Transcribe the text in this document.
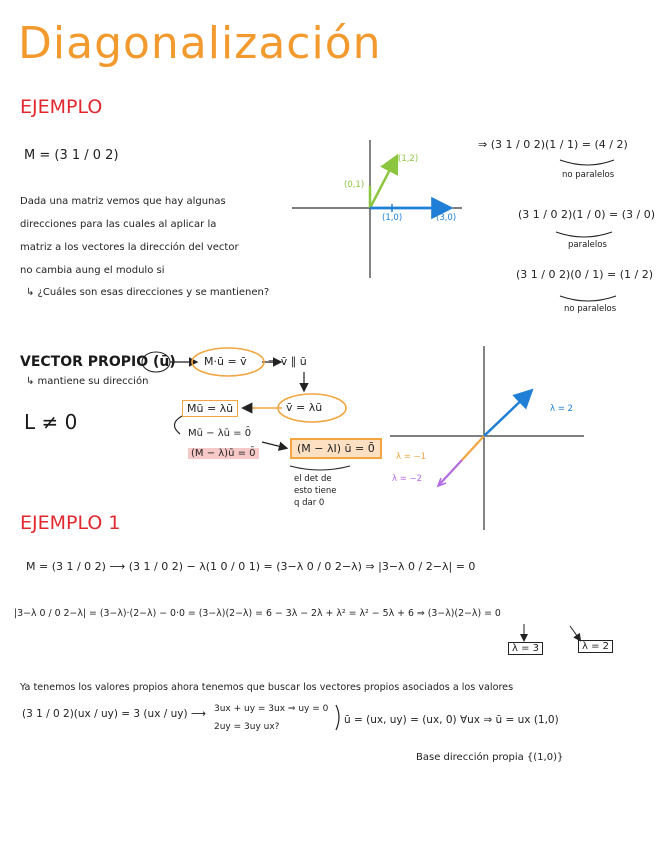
Diagonalización
EJEMPLO
M = (3 1 / 0 2)
Dada una matriz vemos que hay algunas
direcciones para las cuales al aplicar la
matriz a los vectores la dirección del vector
no cambia aung el modulo si
↳ ¿Cuáles son esas direcciones y se mantienen?
(1,2)
(0,1)
(1,0)	(3,0)
⇒ (3 1 / 0 2)(1 / 1) = (4 / 2)
no paralelos
(3 1 / 0 2)(1 / 0) = (3 / 0)
paralelos
(3 1 / 0 2)(0 / 1) = (1 / 2)
no paralelos
VECTOR PROPIO (ū)
↳ mantiene su dirección
L ≠ 0
M·ū = v̄ ⇒ v̄ ∥ ū
v̄ = λū
Mū = λū
Mū − λū = 0̄
(M − λ)ū = 0̄	(M − λI) ū = 0̄
el det de
esto tiene
q dar 0
λ = 2
λ = −1
λ = −2
EJEMPLO 1
M = (3 1 / 0 2) ⟶ (3 1 / 0 2) − λ(1 0 / 0 1) = (3−λ 0 / 0 2−λ) ⇒ |3−λ 0 / 2−λ| = 0
|3−λ 0 / 0 2−λ| = (3−λ)·(2−λ) − 0·0 = (3−λ)(2−λ) = 6 − 3λ − 2λ + λ² = λ² − 5λ + 6 ⇒ (3−λ)(2−λ) = 0
λ = 3	λ = 2
Ya tenemos los valores propios ahora tenemos que buscar los vectores propios asociados a los valores
(3 1 / 0 2)(ux / uy) = 3 (ux / uy) ⟶ 3ux + uy = 3ux ⇒ uy = 0
2uy = 3uy ux?
ū = (ux, uy) = (ux, 0) ∀ux ⇒ ū = ux (1,0)
Base dirección propia {(1,0)}
